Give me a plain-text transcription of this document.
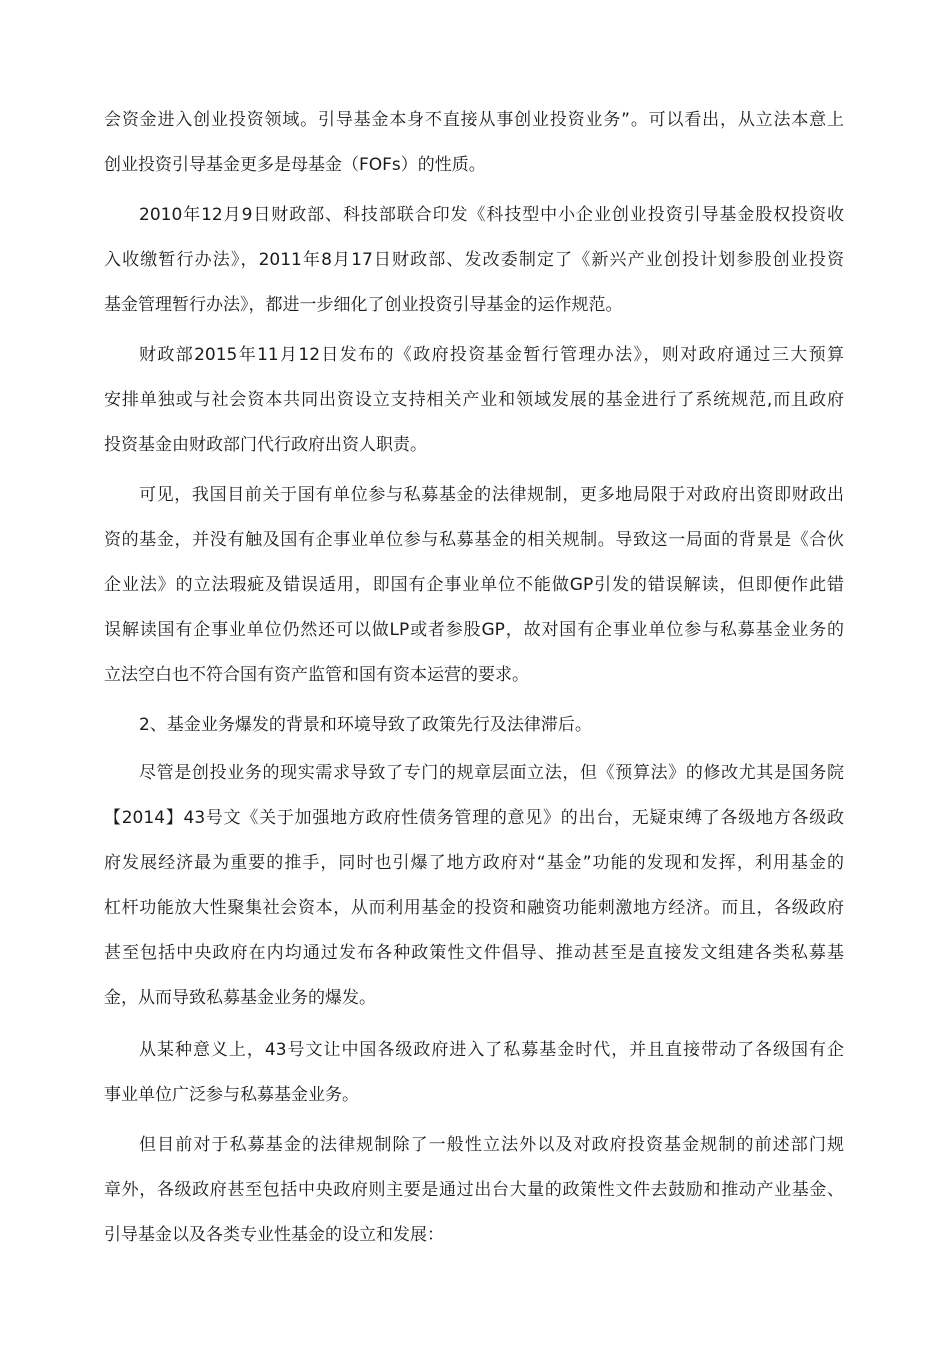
会资金进入创业投资领域。引导基金本身不直接从事创业投资业务”。可以看出，从立法本意上
创业投资引导基金更多是母基金（FOFs）的性质。
2010年12月9日财政部、科技部联合印发《科技型中小企业创业投资引导基金股权投资收
入收缴暂行办法》，2011年8月17日财政部、发改委制定了《新兴产业创投计划参股创业投资
基金管理暂行办法》，都进一步细化了创业投资引导基金的运作规范。
财政部2015年11月12日发布的《政府投资基金暂行管理办法》，则对政府通过三大预算
安排单独或与社会资本共同出资设立支持相关产业和领域发展的基金进行了系统规范,而且政府
投资基金由财政部门代行政府出资人职责。
可见，我国目前关于国有单位参与私募基金的法律规制，更多地局限于对政府出资即财政出
资的基金，并没有触及国有企事业单位参与私募基金的相关规制。导致这一局面的背景是《合伙
企业法》的立法瑕疵及错误适用，即国有企事业单位不能做GP引发的错误解读，但即便作此错
误解读国有企事业单位仍然还可以做LP或者参股GP，故对国有企事业单位参与私募基金业务的
立法空白也不符合国有资产监管和国有资本运营的要求。
2、基金业务爆发的背景和环境导致了政策先行及法律滞后。
尽管是创投业务的现实需求导致了专门的规章层面立法，但《预算法》的修改尤其是国务院
【2014】43号文《关于加强地方政府性债务管理的意见》的出台，无疑束缚了各级地方各级政
府发展经济最为重要的推手，同时也引爆了地方政府对“基金”功能的发现和发挥，利用基金的
杠杆功能放大性聚集社会资本，从而利用基金的投资和融资功能刺激地方经济。而且，各级政府
甚至包括中央政府在内均通过发布各种政策性文件倡导、推动甚至是直接发文组建各类私募基
金，从而导致私募基金业务的爆发。
从某种意义上，43号文让中国各级政府进入了私募基金时代，并且直接带动了各级国有企
事业单位广泛参与私募基金业务。
但目前对于私募基金的法律规制除了一般性立法外以及对政府投资基金规制的前述部门规
章外，各级政府甚至包括中央政府则主要是通过出台大量的政策性文件去鼓励和推动产业基金、
引导基金以及各类专业性基金的设立和发展：
